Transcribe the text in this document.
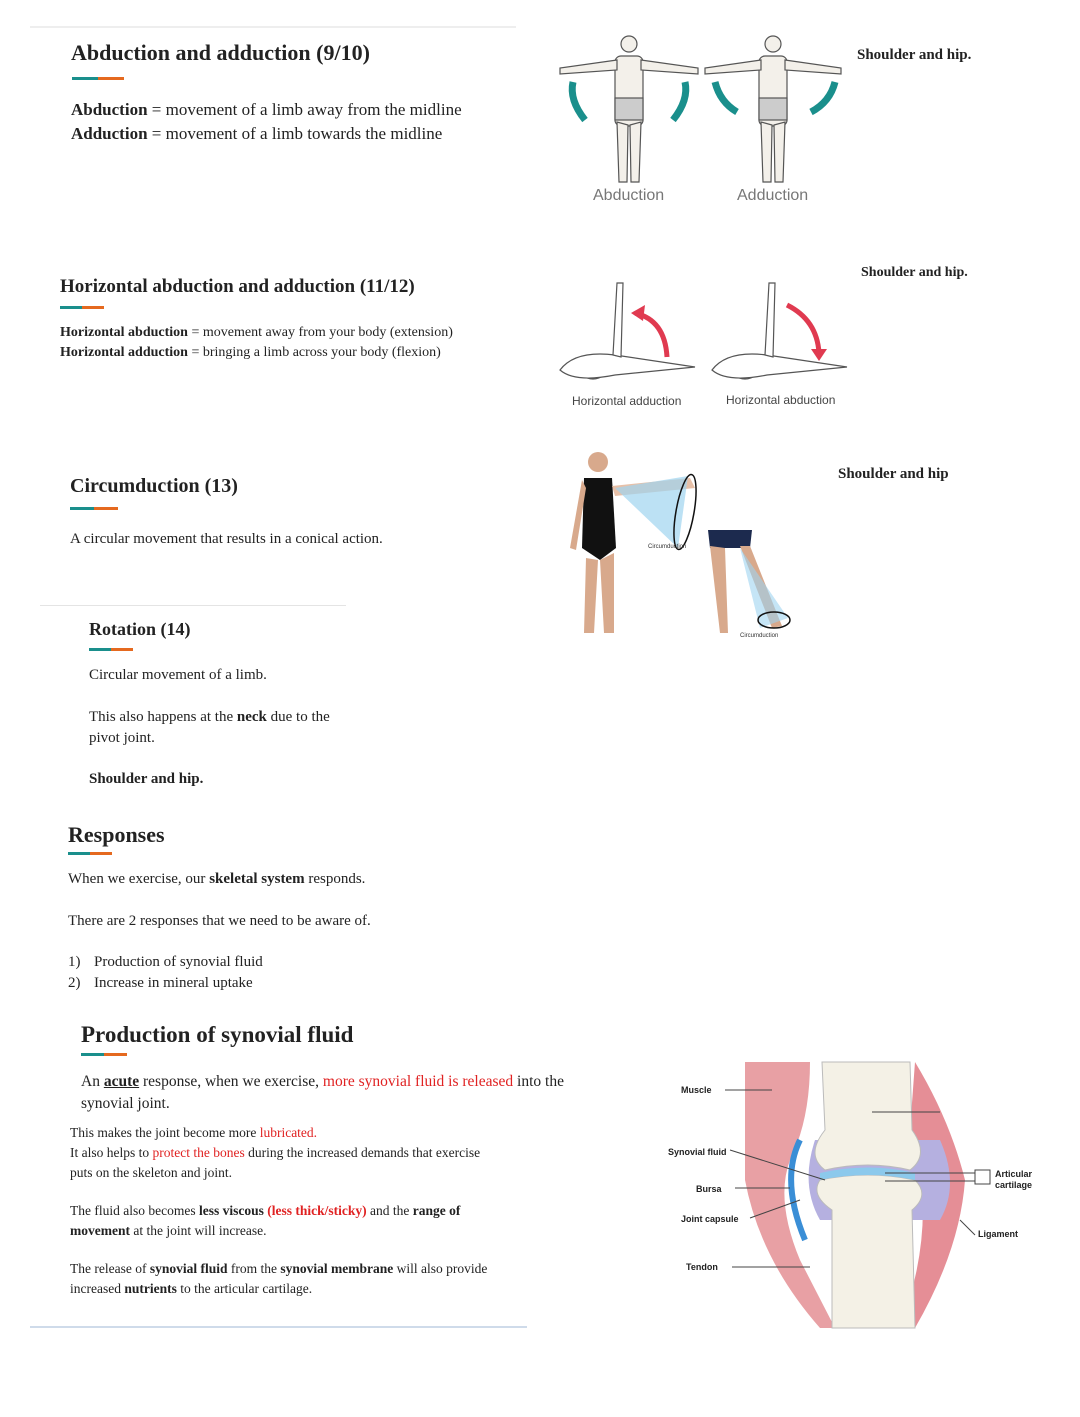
Abduction and adduction (9/10)
Abduction = movement of a limb away from the midline
Adduction = movement of a limb towards the midline
Shoulder and hip.
Abduction	Adduction
Horizontal abduction and adduction (11/12)
Horizontal abduction = movement away from your body (extension)
Horizontal adduction = bringing a limb across your body (flexion)
Shoulder and hip.
Horizontal adduction	Horizontal abduction
Circumduction (13)
A circular movement that results in a conical action.
Shoulder and hip
Circumduction
Circumduction
Rotation (14)
Circular movement of a limb.
This also happens at the neck due to the
pivot joint.
Shoulder and hip.
Responses
When we exercise, our skeletal system responds.
There are 2 responses that we need to be aware of.
1) Production of synovial fluid
2) Increase in mineral uptake
Production of synovial fluid
An acute response, when we exercise, more synovial fluid is released into the
synovial joint.
This makes the joint become more lubricated.
It also helps to protect the bones during the increased demands that exercise
puts on the skeleton and joint.
The fluid also becomes less viscous (less thick/sticky) and the range of
movement at the joint will increase.
The release of synovial fluid from the synovial membrane will also provide
increased nutrients to the articular cartilage.
Muscle
Synovial fluid
Bursa
Joint capsule
Tendon
Articular
cartilage
Ligament
